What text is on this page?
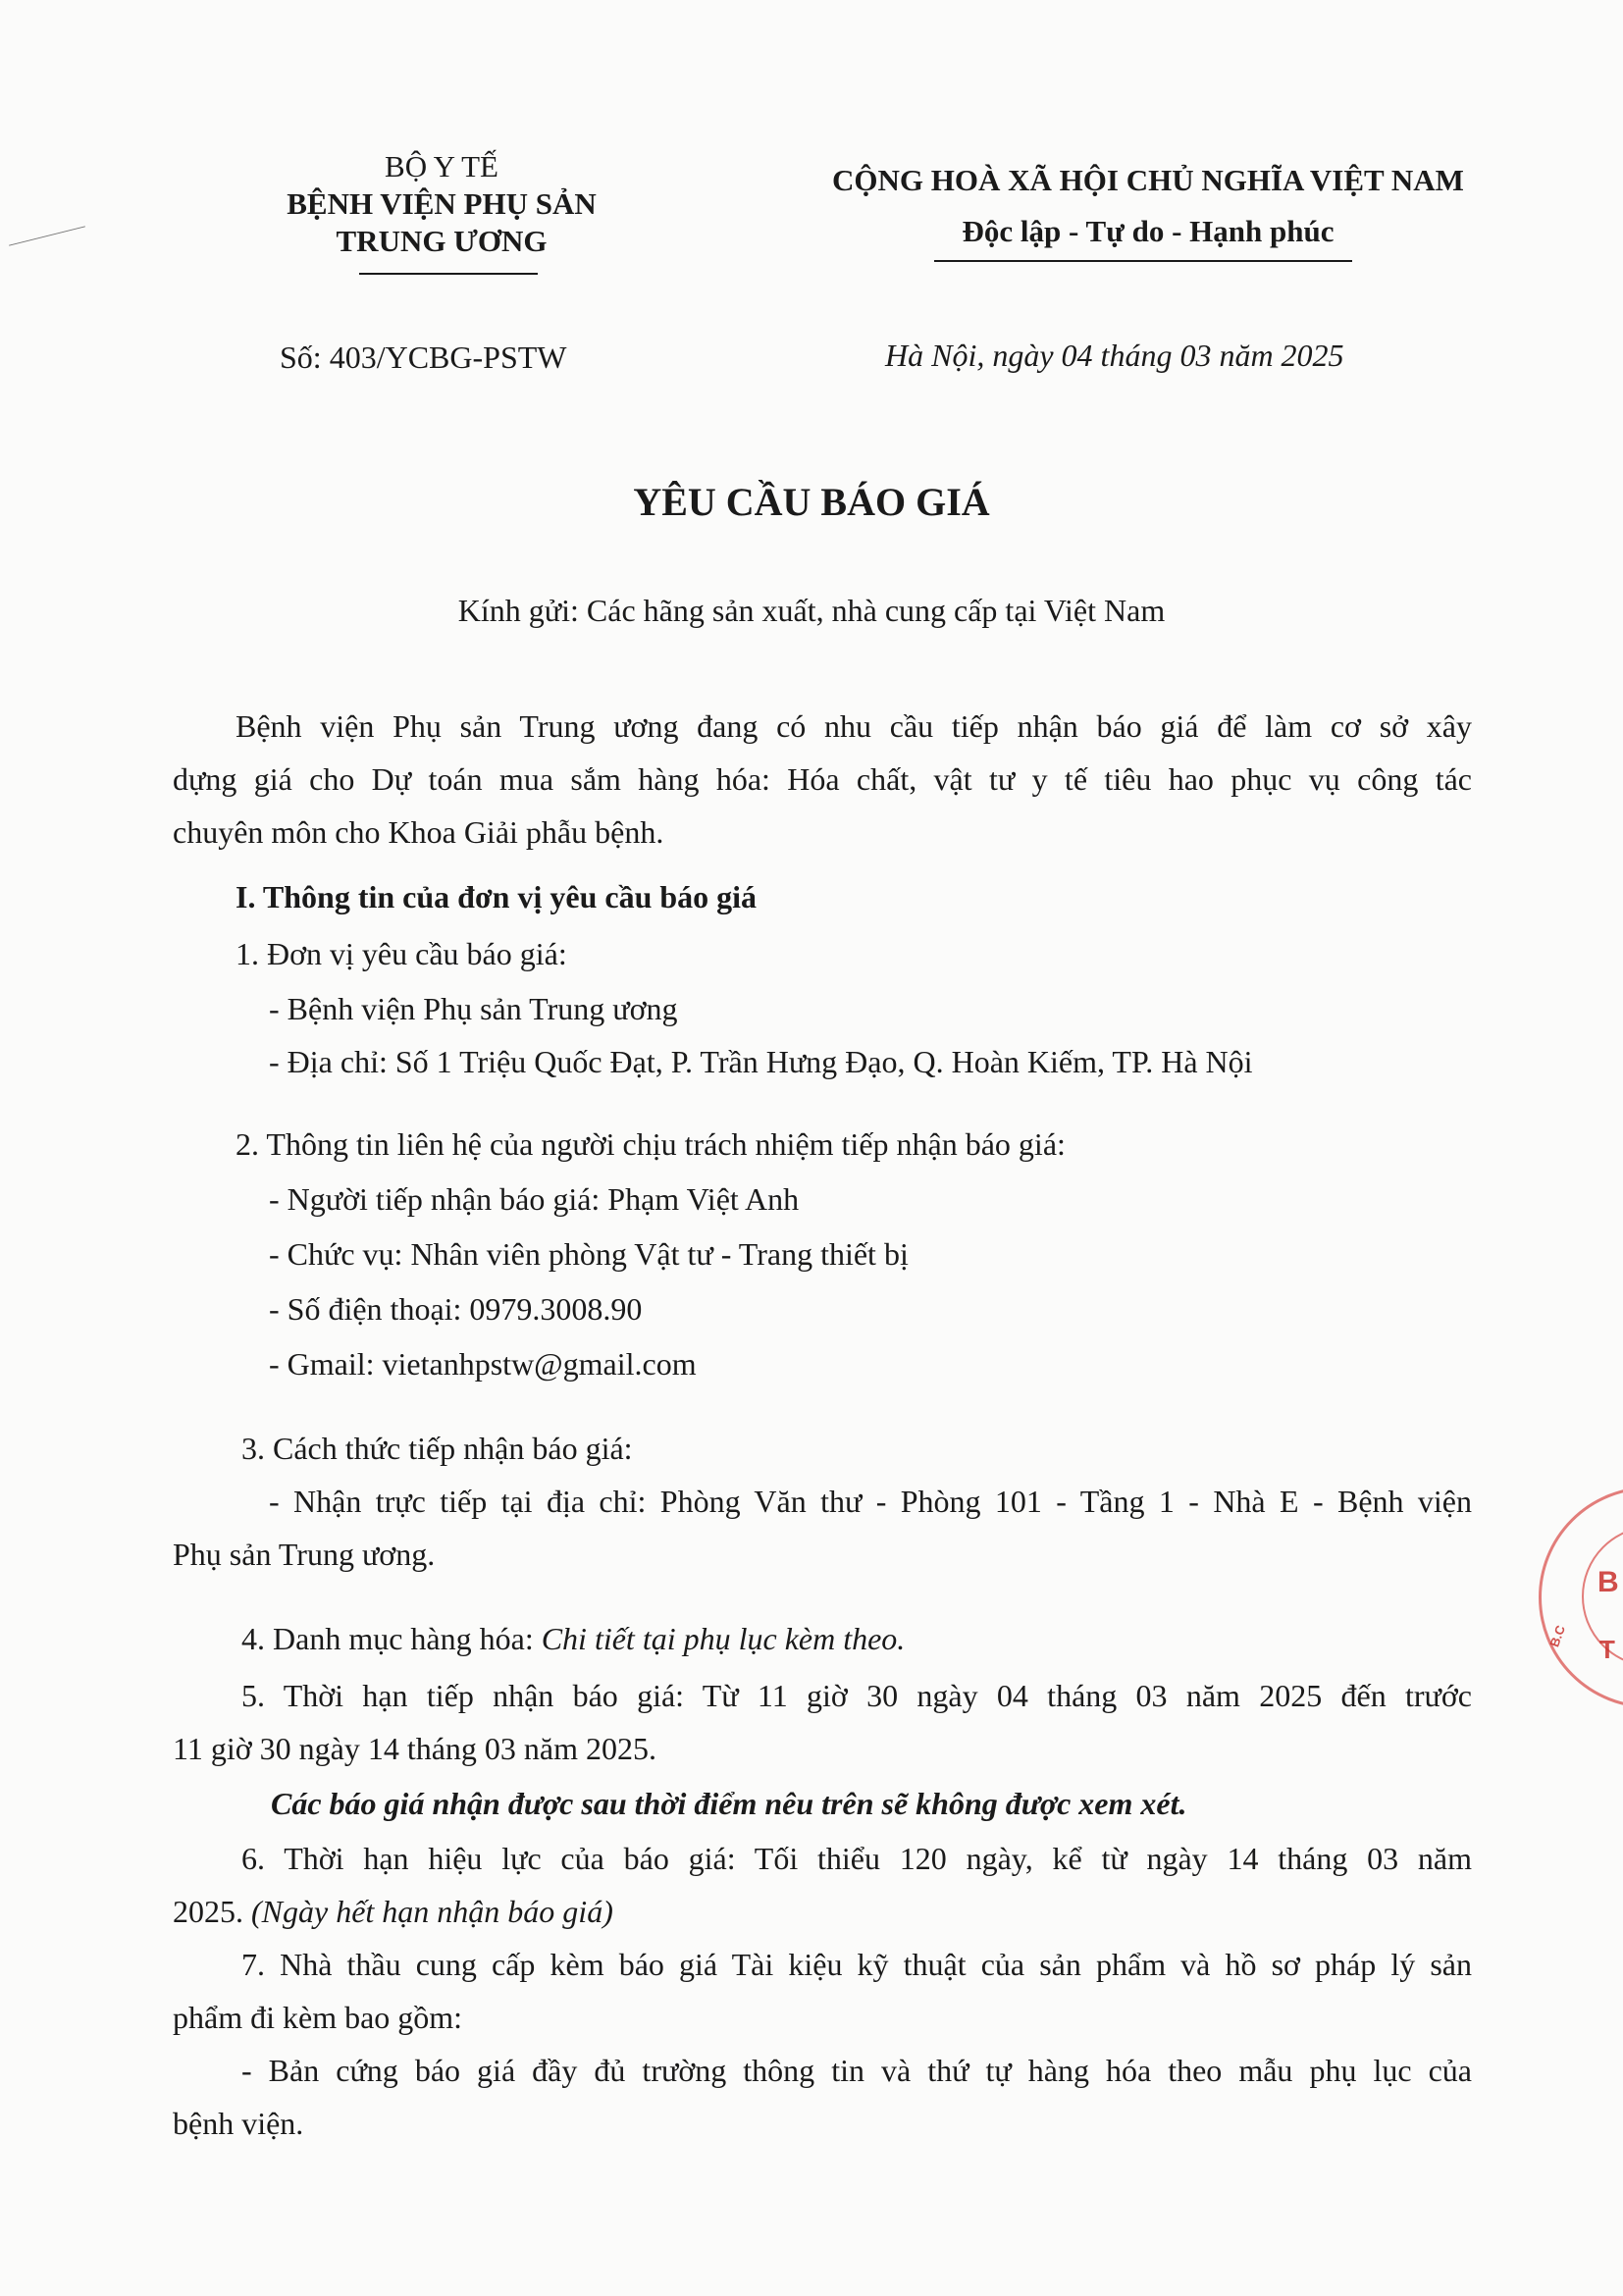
BỘ Y TẾ
BỆNH VIỆN PHỤ SẢN
TRUNG ƯƠNG
CỘNG HOÀ XÃ HỘI CHỦ NGHĨA VIỆT NAM
Độc lập - Tự do - Hạnh phúc
Số: 403/YCBG-PSTW	Hà Nội, ngày 04 tháng 03 năm 2025
YÊU CẦU BÁO GIÁ
Kính gửi: Các hãng sản xuất, nhà cung cấp tại Việt Nam
Bệnh viện Phụ sản Trung ương đang có nhu cầu tiếp nhận báo giá để làm cơ sở xây
dựng giá cho Dự toán mua sắm hàng hóa: Hóa chất, vật tư y tế tiêu hao phục vụ công tác
chuyên môn cho Khoa Giải phẫu bệnh.
I. Thông tin của đơn vị yêu cầu báo giá
1. Đơn vị yêu cầu báo giá:
- Bệnh viện Phụ sản Trung ương
- Địa chỉ: Số 1 Triệu Quốc Đạt, P. Trần Hưng Đạo, Q. Hoàn Kiếm, TP. Hà Nội
2. Thông tin liên hệ của người chịu trách nhiệm tiếp nhận báo giá:
- Người tiếp nhận báo giá: Phạm Việt Anh
- Chức vụ: Nhân viên phòng Vật tư - Trang thiết bị
- Số điện thoại: 0979.3008.90
- Gmail: vietanhpstw@gmail.com
3. Cách thức tiếp nhận báo giá:
- Nhận trực tiếp tại địa chỉ: Phòng Văn thư - Phòng 101 - Tầng 1 - Nhà E - Bệnh viện
Phụ sản Trung ương.
4. Danh mục hàng hóa: Chi tiết tại phụ lục kèm theo.
5. Thời hạn tiếp nhận báo giá: Từ 11 giờ 30 ngày 04 tháng 03 năm 2025 đến trước
11 giờ 30 ngày 14 tháng 03 năm 2025.
Các báo giá nhận được sau thời điểm nêu trên sẽ không được xem xét.
6. Thời hạn hiệu lực của báo giá: Tối thiểu 120 ngày, kể từ ngày 14 tháng 03 năm
2025. (Ngày hết hạn nhận báo giá)
7. Nhà thầu cung cấp kèm báo giá Tài kiệu kỹ thuật của sản phẩm và hồ sơ pháp lý sản
phẩm đi kèm bao gồm:
- Bản cứng báo giá đầy đủ trường thông tin và thứ tự hàng hóa theo mẫu phụ lục của
bệnh viện.
B
T
B.C
